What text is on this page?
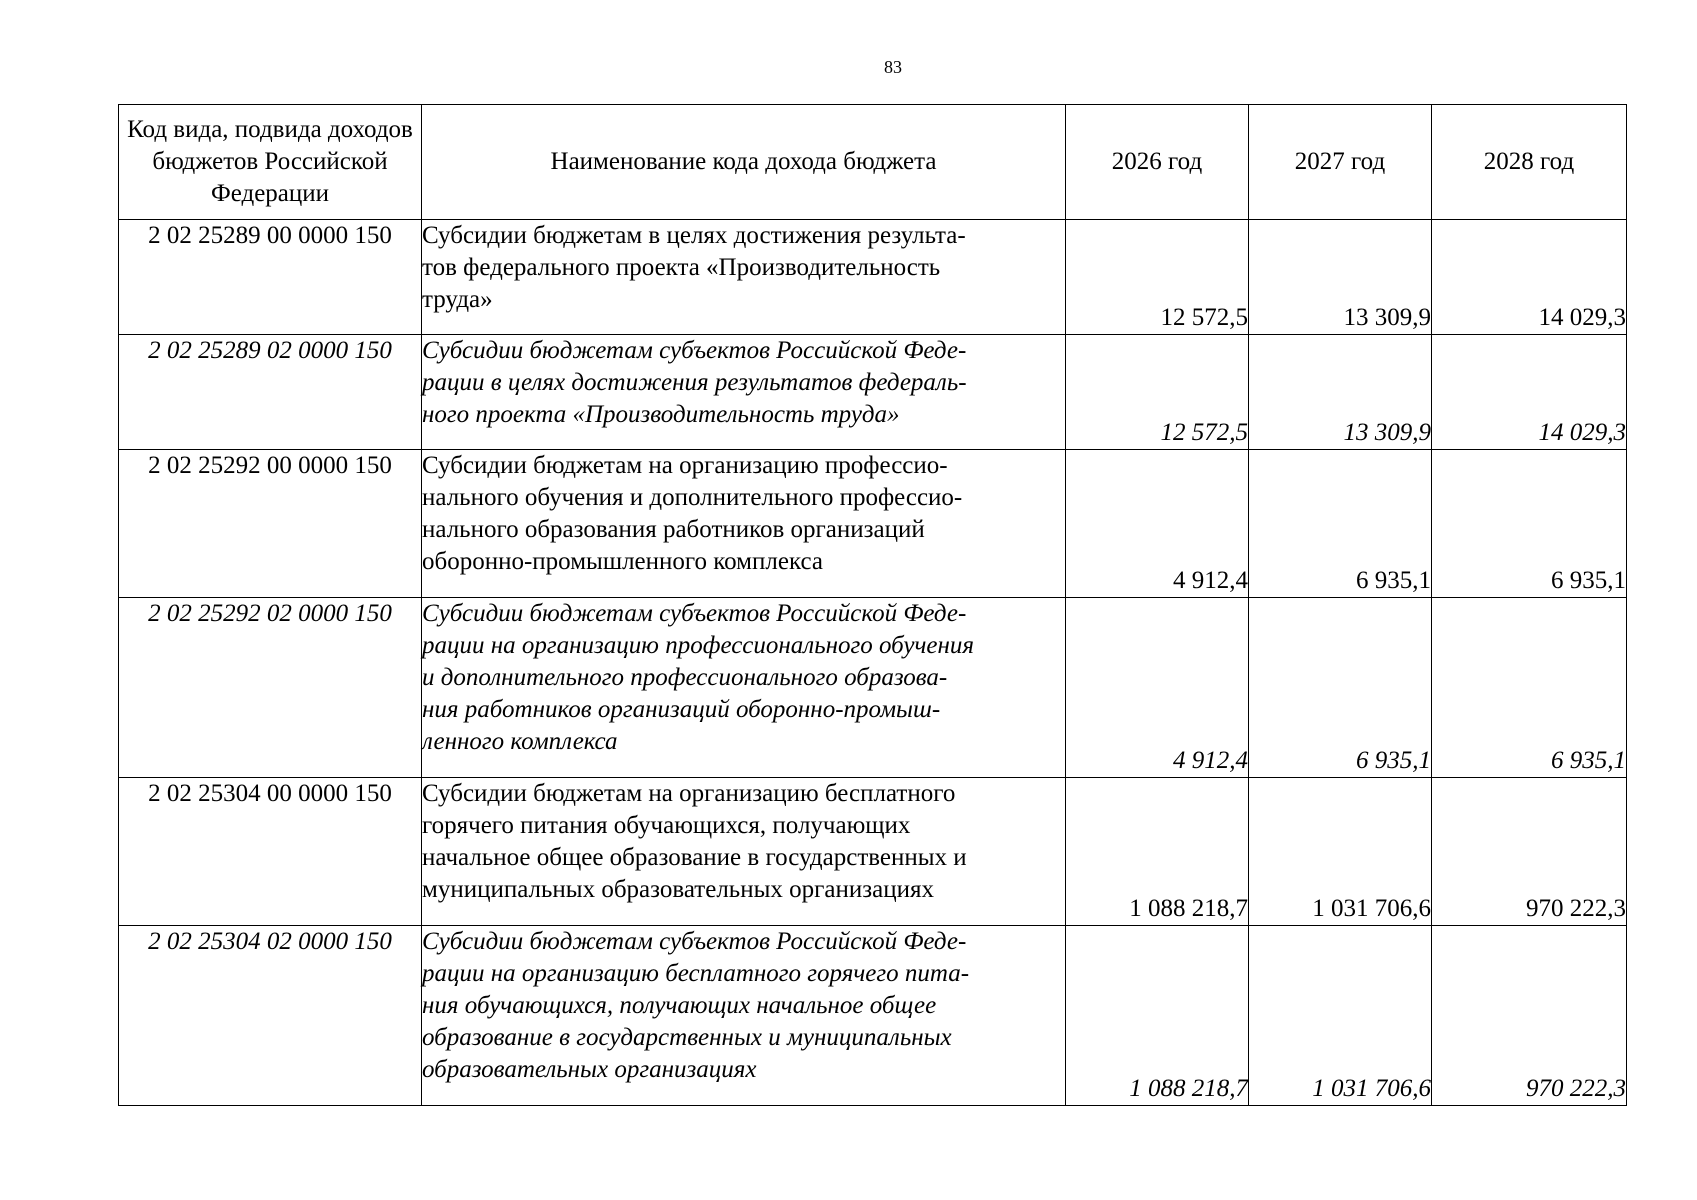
83
Код вида, подвида доходов бюджетов Российской Федерации	Наименование кода дохода бюджета	2026 год	2027 год	2028 год
2 02 25289 00 0000 150	Субсидии бюджетам в целях достижения результа-
тов федерального проекта «Производительность
труда»	12 572,5	13 309,9	14 029,3
2 02 25289 02 0000 150	Субсидии бюджетам субъектов Российской Феде-
рации в целях достижения результатов федераль-
ного проекта «Производительность труда»	12 572,5	13 309,9	14 029,3
2 02 25292 00 0000 150	Субсидии бюджетам на организацию профессио-
нального обучения и дополнительного профессио-
нального образования работников организаций
оборонно-промышленного комплекса	4 912,4	6 935,1	6 935,1
2 02 25292 02 0000 150	Субсидии бюджетам субъектов Российской Феде-
рации на организацию профессионального обучения
и дополнительного профессионального образова-
ния работников организаций оборонно-промыш-
ленного комплекса	4 912,4	6 935,1	6 935,1
2 02 25304 00 0000 150	Субсидии бюджетам на организацию бесплатного
горячего питания обучающихся, получающих
начальное общее образование в государственных и
муниципальных образовательных организациях	1 088 218,7	1 031 706,6	970 222,3
2 02 25304 02 0000 150	Субсидии бюджетам субъектов Российской Феде-
рации на организацию бесплатного горячего пита-
ния обучающихся, получающих начальное общее
образование в государственных и муниципальных
образовательных организациях	1 088 218,7	1 031 706,6	970 222,3
